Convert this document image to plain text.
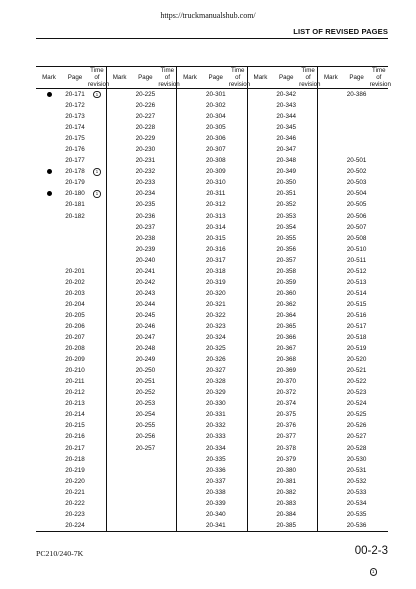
https://truckmanualshub.com/
LIST OF REVISED PAGES
Mark	Page	Time of revision	Mark	Page	Time of revision	Mark	Page	Time of revision	Mark	Page	Time of revision	Mark	Page	Time of revision
	20-171	1		20-225			20-301			20-342			20-386	
	20-172			20-226			20-302			20-343				
	20-173			20-227			20-304			20-344				
	20-174			20-228			20-305			20-345				
	20-175			20-229			20-306			20-346				
	20-176			20-230			20-307			20-347				
	20-177			20-231			20-308			20-348			20-501	
	20-178	1		20-232			20-309			20-349			20-502	
	20-179			20-233			20-310			20-350			20-503	
	20-180	1		20-234			20-311			20-351			20-504	
	20-181			20-235			20-312			20-352			20-505	
	20-182			20-236			20-313			20-353			20-506	
				20-237			20-314			20-354			20-507	
				20-238			20-315			20-355			20-508	
				20-239			20-316			20-356			20-510	
				20-240			20-317			20-357			20-511	
	20-201			20-241			20-318			20-358			20-512	
	20-202			20-242			20-319			20-359			20-513	
	20-203			20-243			20-320			20-360			20-514	
	20-204			20-244			20-321			20-362			20-515	
	20-205			20-245			20-322			20-364			20-516	
	20-206			20-246			20-323			20-365			20-517	
	20-207			20-247			20-324			20-366			20-518	
	20-208			20-248			20-325			20-367			20-519	
	20-209			20-249			20-326			20-368			20-520	
	20-210			20-250			20-327			20-369			20-521	
	20-211			20-251			20-328			20-370			20-522	
	20-212			20-252			20-329			20-372			20-523	
	20-213			20-253			20-330			20-374			20-524	
	20-214			20-254			20-331			20-375			20-525	
	20-215			20-255			20-332			20-376			20-526	
	20-216			20-256			20-333			20-377			20-527	
	20-217			20-257			20-334			20-378			20-528	
	20-218						20-335			20-379			20-530	
	20-219						20-336			20-380			20-531	
	20-220						20-337			20-381			20-532	
	20-221						20-338			20-382			20-533	
	20-222						20-339			20-383			20-534	
	20-223						20-340			20-384			20-535	
	20-224						20-341			20-385			20-536	
PC210/240-7K	00-2-3
1
